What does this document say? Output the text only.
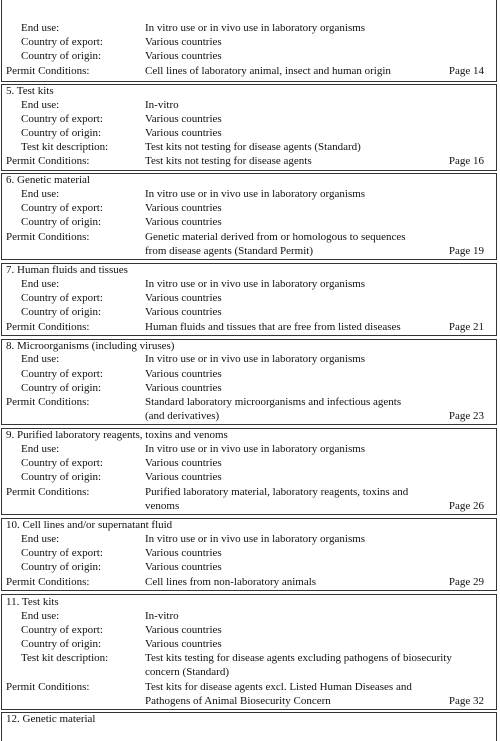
End use:	In vitro use or in vivo use in laboratory organisms
Country of export:	Various countries
Country of origin:	Various countries
Permit Conditions:	Cell lines of laboratory animal, insect and human origin	Page 14
5. Test kits
End use:	In-vitro
Country of export:	Various countries
Country of origin:	Various countries
Test kit description:	Test kits not testing for disease agents (Standard)
Permit Conditions:	Test kits not testing for disease agents	Page 16
6. Genetic material
End use:	In vitro use or in vivo use in laboratory organisms
Country of export:	Various countries
Country of origin:	Various countries
Permit Conditions:	Genetic material derived from or homologous to sequences
from disease agents (Standard Permit)	Page 19
7. Human fluids and tissues
End use:	In vitro use or in vivo use in laboratory organisms
Country of export:	Various countries
Country of origin:	Various countries
Permit Conditions:	Human fluids and tissues that are free from listed diseases	Page 21
8. Microorganisms (including viruses)
End use:	In vitro use or in vivo use in laboratory organisms
Country of export:	Various countries
Country of origin:	Various countries
Permit Conditions:	Standard laboratory microorganisms and infectious agents
(and derivatives)	Page 23
9. Purified laboratory reagents, toxins and venoms
End use:	In vitro use or in vivo use in laboratory organisms
Country of export:	Various countries
Country of origin:	Various countries
Permit Conditions:	Purified laboratory material, laboratory reagents, toxins and
venoms	Page 26
10. Cell lines and/or supernatant fluid
End use:	In vitro use or in vivo use in laboratory organisms
Country of export:	Various countries
Country of origin:	Various countries
Permit Conditions:	Cell lines from non-laboratory animals	Page 29
11. Test kits
End use:	In-vitro
Country of export:	Various countries
Country of origin:	Various countries
Test kit description:	Test kits testing for disease agents excluding pathogens of biosecurity
concern (Standard)
Permit Conditions:	Test kits for disease agents excl. Listed Human Diseases and
Pathogens of Animal Biosecurity Concern	Page 32
12. Genetic material
